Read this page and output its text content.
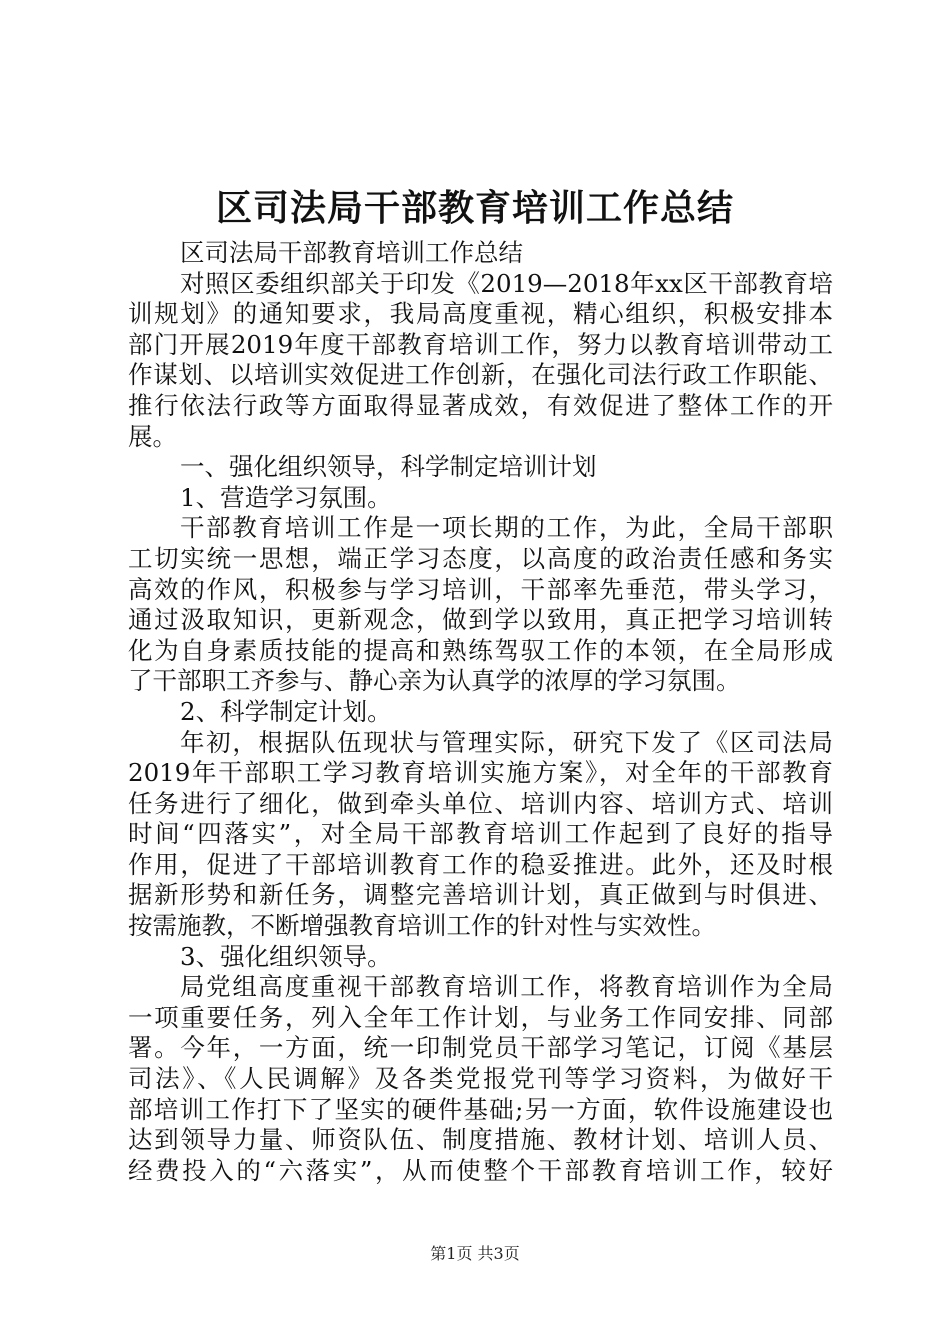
区司法局干部教育培训工作总结
区司法局干部教育培训工作总结
对照区委组织部关于印发《2019—2018年xx区干部教育培
训规划》的通知要求，我局高度重视，精心组织，积极安排本
部门开展2019年度干部教育培训工作，努力以教育培训带动工
作谋划、以培训实效促进工作创新，在强化司法行政工作职能、
推行依法行政等方面取得显著成效，有效促进了整体工作的开
展。
一、强化组织领导，科学制定培训计划
1、营造学习氛围。
干部教育培训工作是一项长期的工作，为此，全局干部职
工切实统一思想，端正学习态度，以高度的政治责任感和务实
高效的作风，积极参与学习培训，干部率先垂范，带头学习，
通过汲取知识，更新观念，做到学以致用，真正把学习培训转
化为自身素质技能的提高和熟练驾驭工作的本领，在全局形成
了干部职工齐参与、静心亲为认真学的浓厚的学习氛围。
2、科学制定计划。
年初，根据队伍现状与管理实际，研究下发了《区司法局
2019年干部职工学习教育培训实施方案》，对全年的干部教育
任务进行了细化，做到牵头单位、培训内容、培训方式、培训
时间“四落实”，对全局干部教育培训工作起到了良好的指导
作用，促进了干部培训教育工作的稳妥推进。此外，还及时根
据新形势和新任务，调整完善培训计划，真正做到与时俱进、
按需施教，不断增强教育培训工作的针对性与实效性。
3、强化组织领导。
局党组高度重视干部教育培训工作，将教育培训作为全局
一项重要任务，列入全年工作计划，与业务工作同安排、同部
署。今年，一方面，统一印制党员干部学习笔记，订阅《基层
司法》、《人民调解》及各类党报党刊等学习资料，为做好干
部培训工作打下了坚实的硬件基础;另一方面，软件设施建设也
达到领导力量、师资队伍、制度措施、教材计划、培训人员、
经费投入的“六落实”，从而使整个干部教育培训工作，较好
第1页 共3页
